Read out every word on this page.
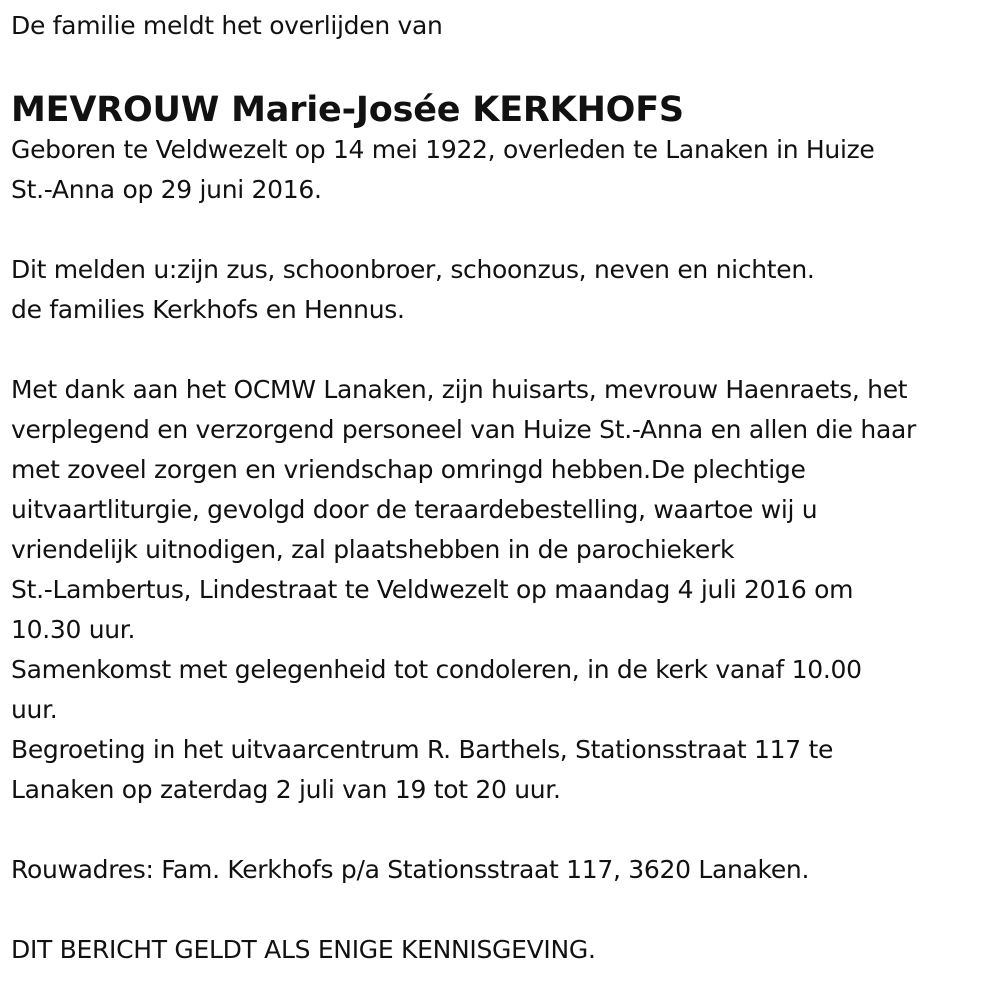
De familie meldt het overlijden van
MEVROUW Marie-Josée KERKHOFS
Geboren te Veldwezelt op 14 mei 1922, overleden te Lanaken in Huize
St.-Anna op 29 juni 2016.
Dit melden u:zijn zus, schoonbroer, schoonzus, neven en nichten.
de families Kerkhofs en Hennus.
Met dank aan het OCMW Lanaken, zijn huisarts, mevrouw Haenraets, het
verplegend en verzorgend personeel van Huize St.-Anna en allen die haar
met zoveel zorgen en vriendschap omringd hebben.De plechtige
uitvaartliturgie, gevolgd door de teraardebestelling, waartoe wij u
vriendelijk uitnodigen, zal plaatshebben in de parochiekerk
St.-Lambertus, Lindestraat te Veldwezelt op maandag 4 juli 2016 om
10.30 uur.
Samenkomst met gelegenheid tot condoleren, in de kerk vanaf 10.00
uur.
Begroeting in het uitvaarcentrum R. Barthels, Stationsstraat 117 te
Lanaken op zaterdag 2 juli van 19 tot 20 uur.
Rouwadres: Fam. Kerkhofs p/a Stationsstraat 117, 3620 Lanaken.
DIT BERICHT GELDT ALS ENIGE KENNISGEVING.
